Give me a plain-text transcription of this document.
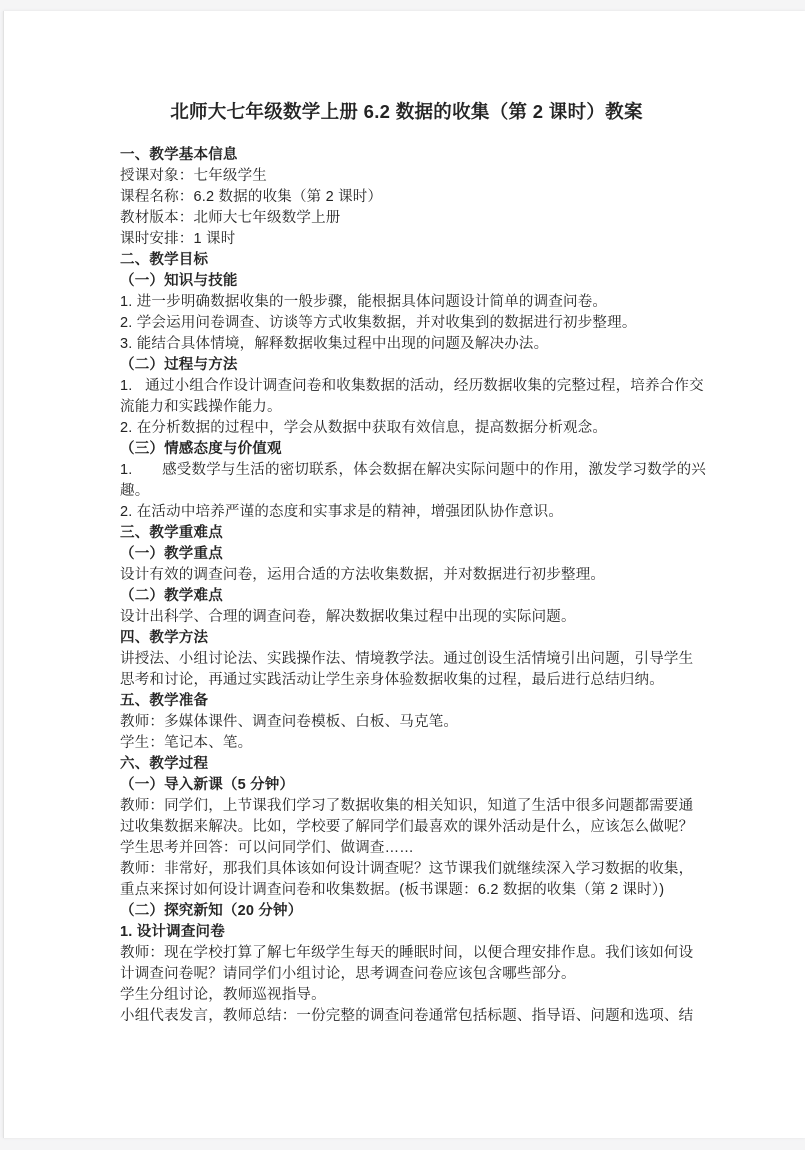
北师大七年级数学上册 6.2 数据的收集（第 2 课时）教案
一、教学基本信息
授课对象：七年级学生
课程名称：6.2 数据的收集（第 2 课时）
教材版本：北师大七年级数学上册
课时安排：1 课时
二、教学目标
（一）知识与技能
1. 进一步明确数据收集的一般步骤，能根据具体问题设计简单的调查问卷。
2. 学会运用问卷调查、访谈等方式收集数据，并对收集到的数据进行初步整理。
3. 能结合具体情境，解释数据收集过程中出现的问题及解决办法。
（二）过程与方法
1.   通过小组合作设计调查问卷和收集数据的活动，经历数据收集的完整过程，培养合作交
流能力和实践操作能力。
2. 在分析数据的过程中，学会从数据中获取有效信息，提高数据分析观念。
（三）情感态度与价值观
1.       感受数学与生活的密切联系，体会数据在解决实际问题中的作用，激发学习数学的兴
趣。
2. 在活动中培养严谨的态度和实事求是的精神，增强团队协作意识。
三、教学重难点
（一）教学重点
设计有效的调查问卷，运用合适的方法收集数据，并对数据进行初步整理。
（二）教学难点
设计出科学、合理的调查问卷，解决数据收集过程中出现的实际问题。
四、教学方法
讲授法、小组讨论法、实践操作法、情境教学法。通过创设生活情境引出问题，引导学生
思考和讨论，再通过实践活动让学生亲身体验数据收集的过程，最后进行总结归纳。
五、教学准备
教师：多媒体课件、调查问卷模板、白板、马克笔。
学生：笔记本、笔。
六、教学过程
（一）导入新课（5 分钟）
教师：同学们，上节课我们学习了数据收集的相关知识，知道了生活中很多问题都需要通
过收集数据来解决。比如，学校要了解同学们最喜欢的课外活动是什么，应该怎么做呢？
学生思考并回答：可以问同学们、做调查……
教师：非常好，那我们具体该如何设计调查呢？这节课我们就继续深入学习数据的收集，
重点来探讨如何设计调查问卷和收集数据。(板书课题：6.2 数据的收集（第 2 课时）)
（二）探究新知（20 分钟）
1. 设计调查问卷
教师：现在学校打算了解七年级学生每天的睡眠时间，以便合理安排作息。我们该如何设
计调查问卷呢？请同学们小组讨论，思考调查问卷应该包含哪些部分。
学生分组讨论，教师巡视指导。
小组代表发言，教师总结：一份完整的调查问卷通常包括标题、指导语、问题和选项、结
